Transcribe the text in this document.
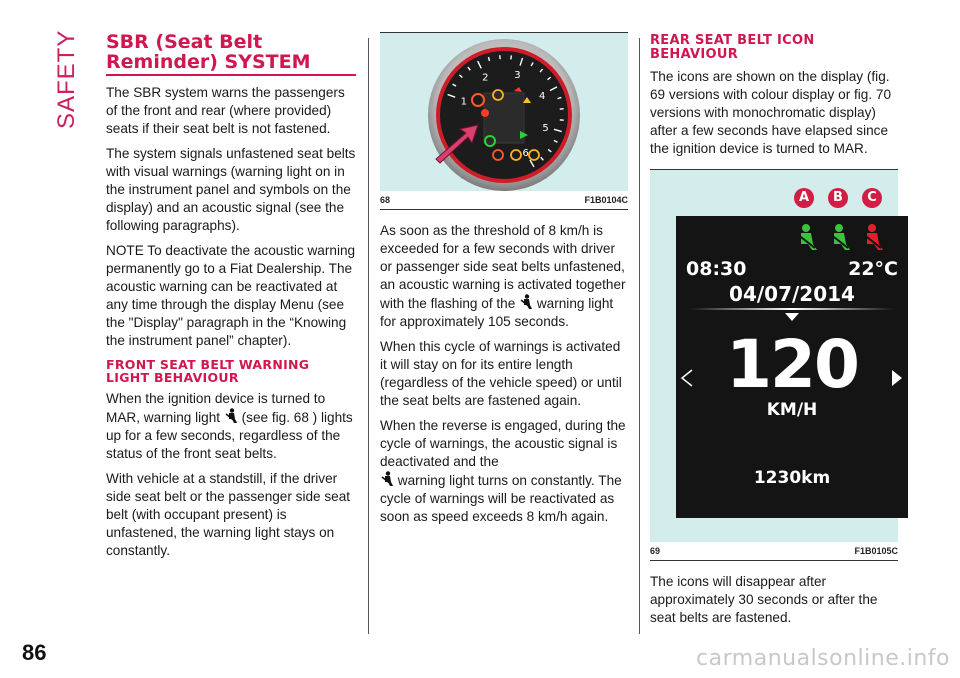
SAFETY SBR (Seat Belt
Reminder) SYSTEM

The SBR system warns the passengers of the front and rear (where provided) seats if their seat belt is not fastened.

The system signals unfastened seat belts with visual warnings (warning light on in the instrument panel and symbols on the display) and an acoustic signal (see the following paragraphs).

NOTE To deactivate the acoustic warning permanently go to a Fiat Dealership. The acoustic warning can be reactivated at any time through the display Menu (see the "Display" paragraph in the “Knowing the instrument panel” chapter).

FRONT SEAT BELT WARNING LIGHT BEHAVIOUR

When the ignition device is turned to MAR, warning light (see fig. 68 ) lights up for a few seconds, regardless of the status of the front seat belts.

With vehicle at a standstill, if the driver side seat belt or the passenger side seat belt (with occupant present) is unfastened, the warning light stays on constantly.

1
2	3
4
5
6
68	F1B0104C

As soon as the threshold of 8 km/h is exceeded for a few seconds with driver or passenger side seat belts unfastened, an acoustic warning is activated together with the flashing of the warning light for approximately 105 seconds.

When this cycle of warnings is activated it will stay on for its entire length (regardless of the vehicle speed) or until the seat belts are fastened again.

When the reverse is engaged, during the cycle of warnings, the acoustic signal is deactivated and the
warning light turns on constantly. The cycle of warnings will be reactivated as soon as speed exceeds 8 km/h again.

REAR SEAT BELT ICON BEHAVIOUR

The icons are shown on the display (fig. 69 versions with colour display or fig. 70 versions with monochromatic display) after a few seconds have elapsed since the ignition device is turned to MAR.

A	B	C
08:30	22°C
04/07/2014
120
KM/H
1230km
69	F1B0105C

The icons will disappear after approximately 30 seconds or after the seat belts are fastened.

86	carmanualsonline.info
